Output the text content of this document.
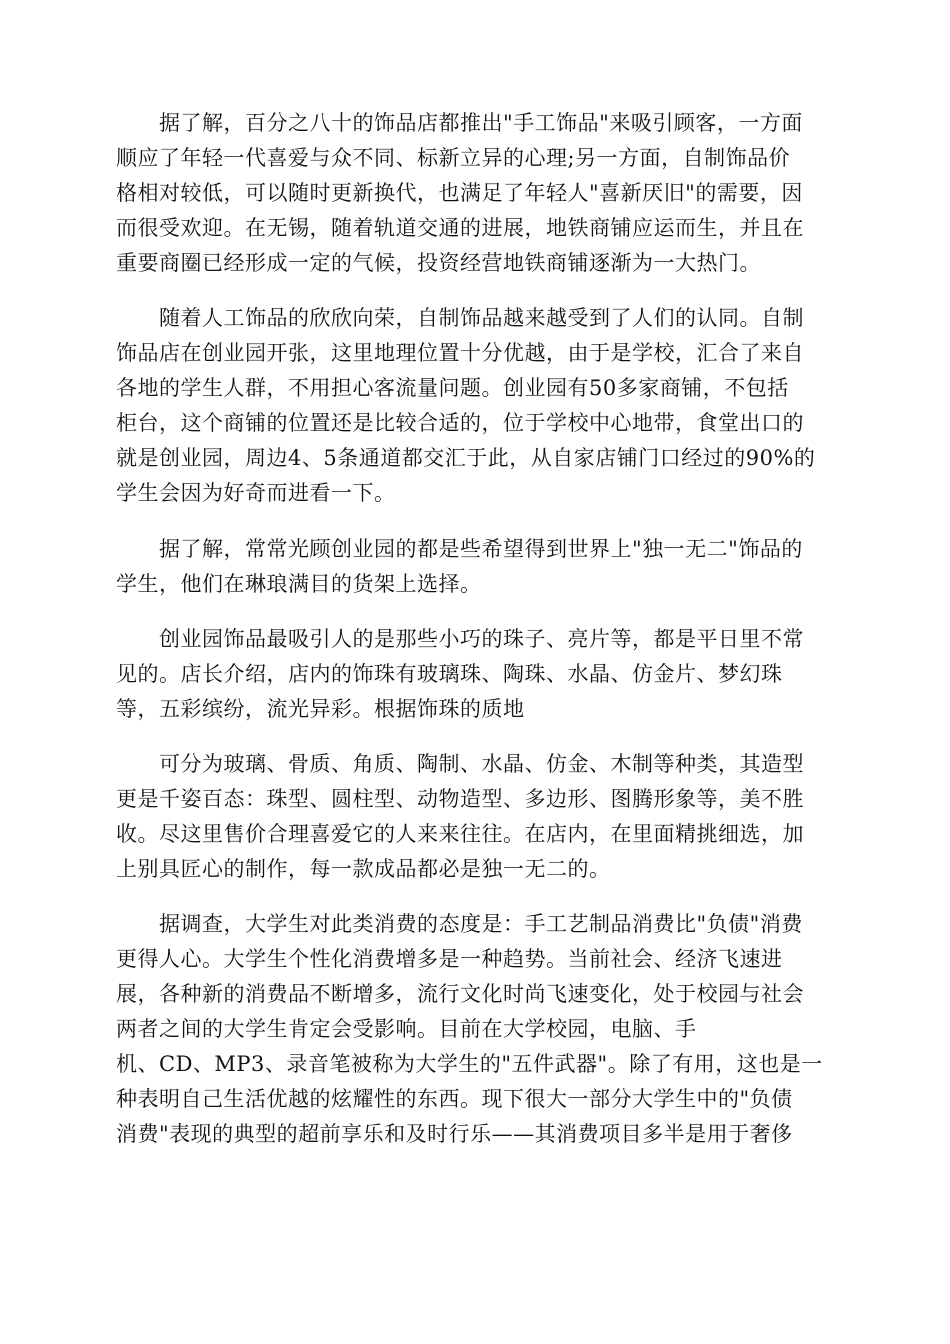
　　据了解，百分之八十的饰品店都推出"手工饰品"来吸引顾客，一方面
顺应了年轻一代喜爱与众不同、标新立异的心理;另一方面，自制饰品价
格相对较低，可以随时更新换代，也满足了年轻人"喜新厌旧"的需要，因
而很受欢迎。在无锡，随着轨道交通的进展，地铁商铺应运而生，并且在
重要商圈已经形成一定的气候，投资经营地铁商铺逐渐为一大热门。

　　随着人工饰品的欣欣向荣，自制饰品越来越受到了人们的认同。自制
饰品店在创业园开张，这里地理位置十分优越，由于是学校，汇合了来自
各地的学生人群，不用担心客流量问题。创业园有50多家商铺，不包括
柜台，这个商铺的位置还是比较合适的，位于学校中心地带，食堂出口的
就是创业园，周边4、5条通道都交汇于此，从自家店铺门口经过的90%的
学生会因为好奇而进看一下。

　　据了解，常常光顾创业园的都是些希望得到世界上"独一无二"饰品的
学生，他们在琳琅满目的货架上选择。

　　创业园饰品最吸引人的是那些小巧的珠子、亮片等，都是平日里不常
见的。店长介绍，店内的饰珠有玻璃珠、陶珠、水晶、仿金片、梦幻珠
等，五彩缤纷，流光异彩。根据饰珠的质地

　　可分为玻璃、骨质、角质、陶制、水晶、仿金、木制等种类，其造型
更是千姿百态：珠型、圆柱型、动物造型、多边形、图腾形象等，美不胜
收。尽这里售价合理喜爱它的人来来往往。在店内，在里面精挑细选，加
上别具匠心的制作，每一款成品都必是独一无二的。

　　据调查，大学生对此类消费的态度是：手工艺制品消费比"负债"消费
更得人心。大学生个性化消费增多是一种趋势。当前社会、经济飞速进
展，各种新的消费品不断增多，流行文化时尚飞速变化，处于校园与社会
两者之间的大学生肯定会受影响。目前在大学校园，电脑、手
机、CD、MP3、录音笔被称为大学生的"五件武器"。除了有用，这也是一
种表明自己生活优越的炫耀性的东西。现下很大一部分大学生中的"负债
消费"表现的典型的超前享乐和及时行乐——其消费项目多半是用于奢侈
